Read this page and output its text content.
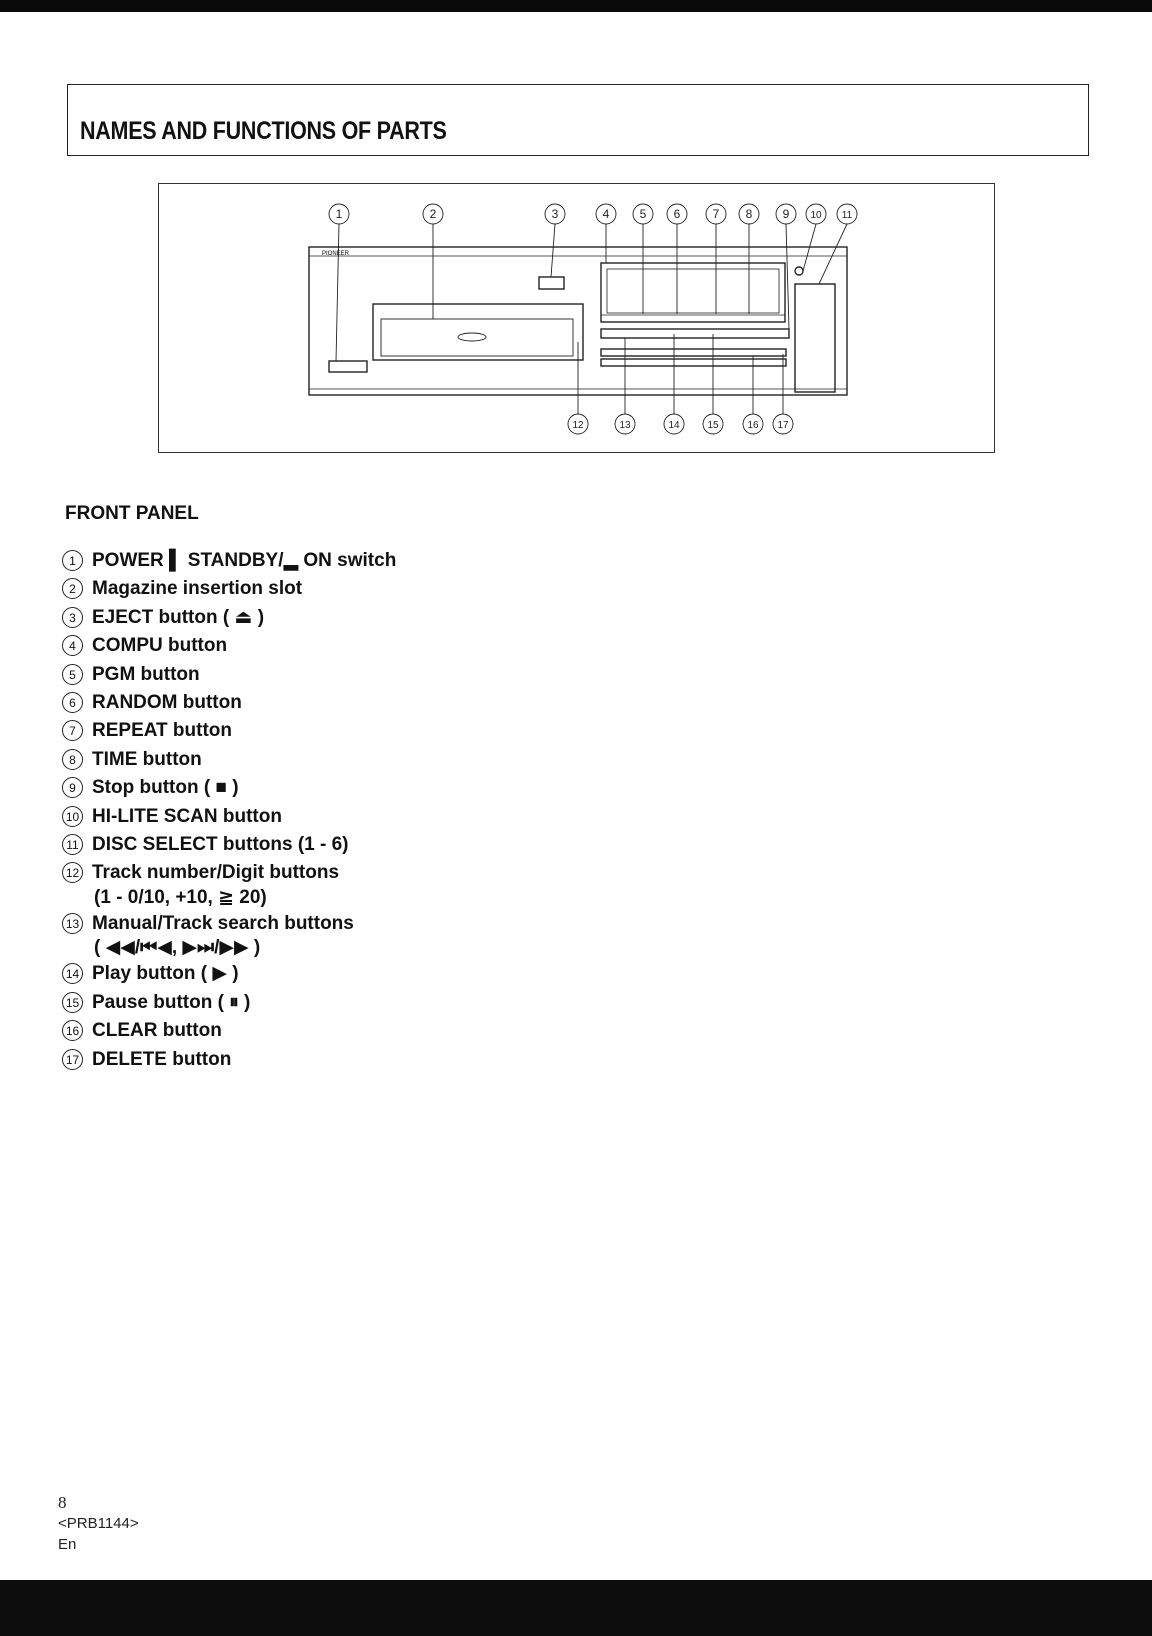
NAMES AND FUNCTIONS OF PARTS
1	2	3	4	5 6	7 8	9 10 11
12	13	14	15	16 17
PIONEER
FRONT PANEL
1 POWER ▌ STANDBY/▂ ON switch
2 Magazine insertion slot
3 EJECT button ( ⏏ )
4 COMPU button
5 PGM button
6 RANDOM button
7 REPEAT button
8 TIME button
9 Stop button ( ■ )
10 HI-LITE SCAN button
11 DISC SELECT buttons (1 - 6)
12 Track number/Digit buttons
(1 - 0/10, +10, ≧ 20)
13 Manual/Track search buttons
( ◀◀/⏮◀, ▶⏭/▶▶ )
14 Play button ( ▶ )
15 Pause button ( ⏸ )
16 CLEAR button
17 DELETE button
8
<PRB1144>
En
